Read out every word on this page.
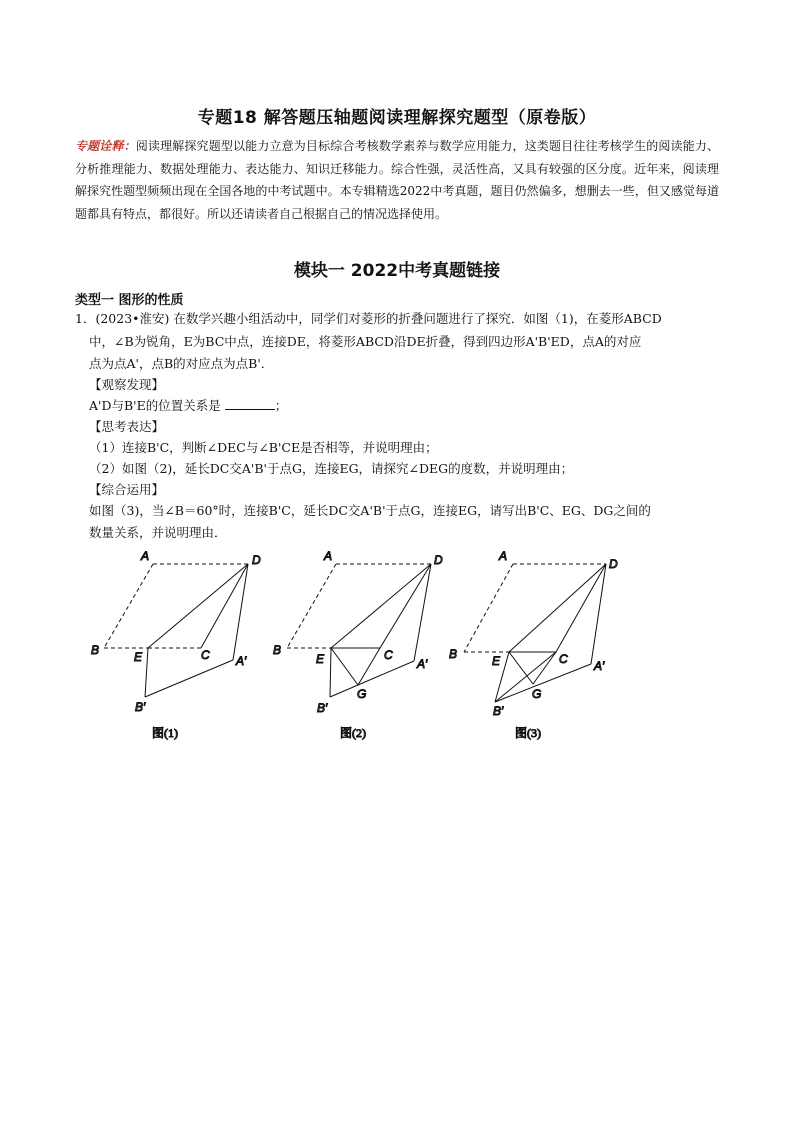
专题18 解答题压轴题阅读理解探究题型（原卷版）
专题诠释：阅读理解探究题型以能力立意为目标综合考核数学素养与数学应用能力，这类题目往往考核学生的阅读能力、分析推理能力、数据处理能力、表达能力、知识迁移能力。综合性强，灵活性高，又具有较强的区分度。近年来，阅读理解探究性题型频频出现在全国各地的中考试题中。本专辑精选2022中考真题，题目仍然偏多，想删去一些，但又感觉每道题都具有特点，都很好。所以还请读者自己根据自己的情况选择使用。
模块一 2022中考真题链接
类型一 图形的性质
1．(2023•淮安) 在数学兴趣小组活动中，同学们对菱形的折叠问题进行了探究．如图（1)，在菱形ABCD
中，∠B为锐角，E为BC中点，连接DE，将菱形ABCD沿DE折叠，得到四边形A'B'ED，点A的对应
点为点A'，点B的对应点为点B'．
【观察发现】
A'D与B'E的位置关系是	；
【思考表达】
（1）连接B'C，判断∠DEC与∠B'CE是否相等，并说明理由；
（2）如图（2)，延长DC交A'B'于点G，连接EG，请探究∠DEG的度数，并说明理由；
【综合运用】
如图（3)，当∠B＝60°时，连接B'C，延长DC交A'B'于点G，连接EG，请写出B'C、EG、DG之间的
数量关系，并说明理由．
A	D
B	E	C A′
B′
图(1)
A	D
B
E	C
A′
G
B′
图(2)
A
D
B	E	C A′
G
B′
图(3)
